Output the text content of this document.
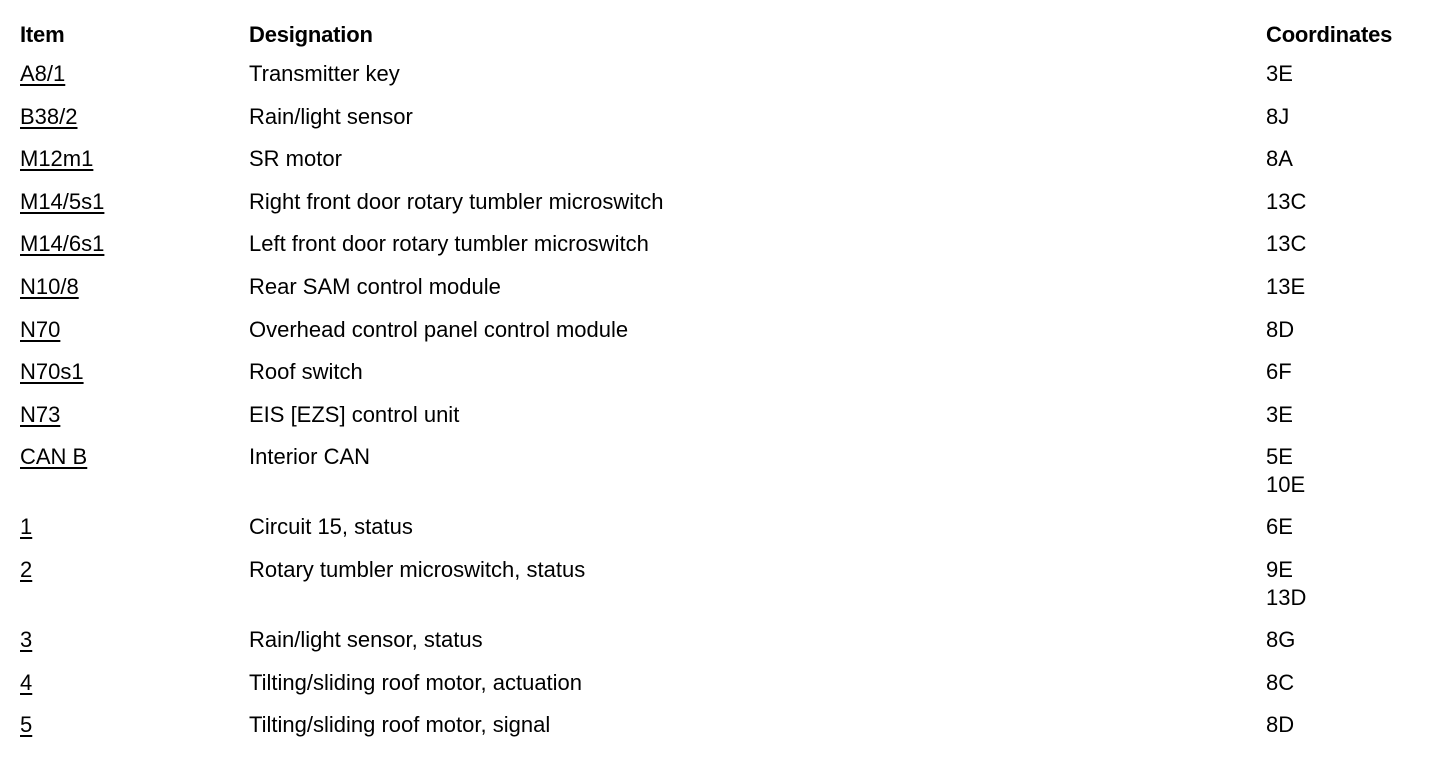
Item	Designation	Coordinates
A8/1	Transmitter key	3E
B38/2	Rain/light sensor	8J
M12m1	SR motor	8A
M14/5s1	Right front door rotary tumbler microswitch	13C
M14/6s1	Left front door rotary tumbler microswitch	13C
N10/8	Rear SAM control module	13E
N70	Overhead control panel control module	8D
N70s1	Roof switch	6F
N73	EIS [EZS] control unit	3E
CAN B	Interior CAN	5E
10E
1	Circuit 15, status	6E
2	Rotary tumbler microswitch, status	9E
13D
3	Rain/light sensor, status	8G
4	Tilting/sliding roof motor, actuation	8C
5	Tilting/sliding roof motor, signal	8D
